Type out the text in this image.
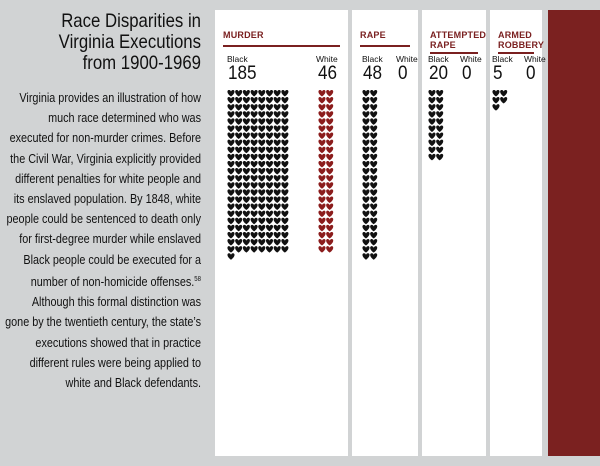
Race Disparities in Virginia Executions from 1900-1969
Virginia provides an illustration of how much race determined who was executed for non-murder crimes. Before the Civil War, Virginia explicitly provided different penalties for white people and its enslaved population. By 1848, white people could be sentenced to death only for first-degree murder while enslaved Black people could be executed for a number of non-homicide offenses.$^{58}$ Although this formal distinction was gone by the twentieth century, the state’s executions showed that in practice different rules were being applied to white and Black defendants.
MURDER
Black	White
185	46
RAPE
Black White
48 0
ATTEMPTED RAPE
Black White
20 0
ARMED ROBBERY
Black White
5 0
